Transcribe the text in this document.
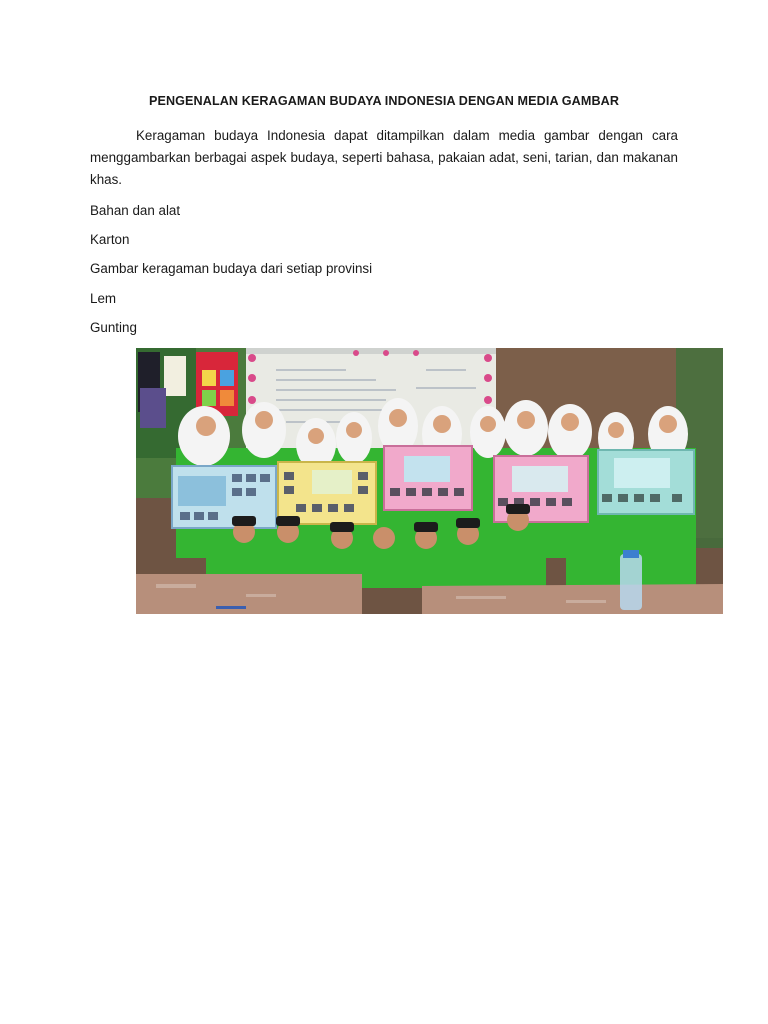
PENGENALAN KERAGAMAN BUDAYA INDONESIA DENGAN MEDIA GAMBAR

Keragaman budaya Indonesia dapat ditampilkan dalam media gambar dengan cara menggambarkan berbagai aspek budaya, seperti bahasa, pakaian adat, seni, tarian, dan makanan khas.

Bahan dan alat

Karton

Gambar keragaman budaya dari setiap provinsi

Lem

Gunting
